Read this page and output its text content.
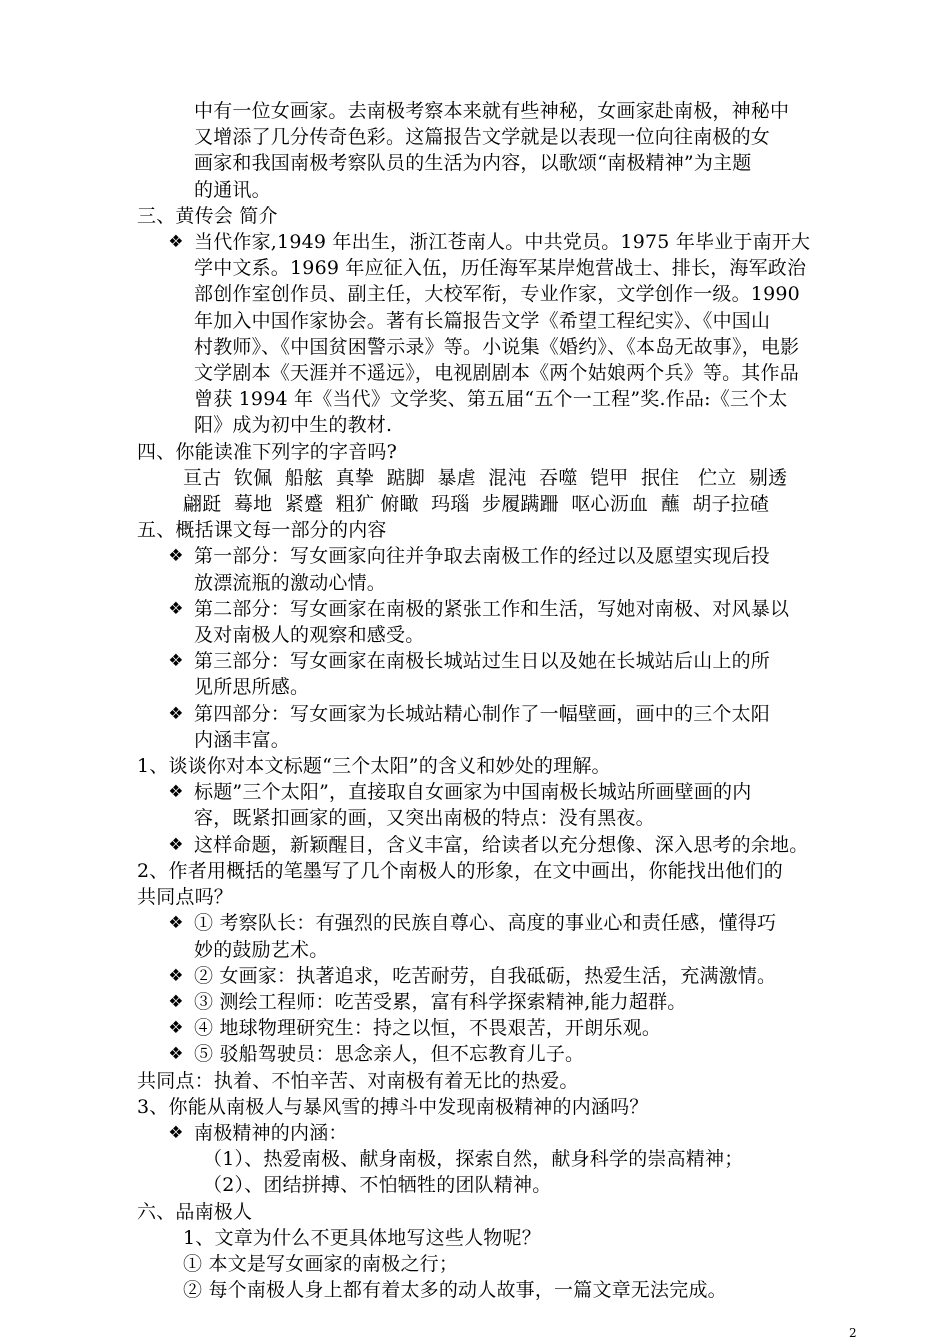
中有一位女画家。去南极考察本来就有些神秘，女画家赴南极，神秘中

又增添了几分传奇色彩。这篇报告文学就是以表现一位向往南极的女

画家和我国南极考察队员的生活为内容，以歌颂“南极精神”为主题

的通讯。

三、黄传会 简介

❖ 当代作家,1949 年出生，浙江苍南人。中共党员。1975 年毕业于南开大
学中文系。1969 年应征入伍，历任海军某岸炮营战士、排长，海军政治
部创作室创作员、副主任，大校军衔，专业作家，文学创作一级。1990
年加入中国作家协会。著有长篇报告文学《希望工程纪实》、《中国山
村教师》、《中国贫困警示录》等。小说集《婚约》、《本岛无故事》，电影
文学剧本《天涯并不遥远》，电视剧剧本《两个姑娘两个兵》等。其作品
曾获 1994 年《当代》文学奖、第五届“五个一工程”奖.作品:《三个太
阳》成为初中生的教材.

四、你能读准下列字的字音吗?

亘古  钦佩  船舷  真挚  踮脚  暴虐  混沌  吞噬  铠甲  抿住   伫立  剔透

翩跹  蓦地  紧蹙  粗犷 俯瞰  玛瑙  步履蹒跚  呕心沥血  蘸  胡子拉碴

五、概括课文每一部分的内容

❖ 第一部分：写女画家向往并争取去南极工作的经过以及愿望实现后投
放漂流瓶的激动心情。
❖ 第二部分：写女画家在南极的紧张工作和生活，写她对南极、对风暴以
及对南极人的观察和感受。
❖ 第三部分：写女画家在南极长城站过生日以及她在长城站后山上的所
见所思所感。
❖ 第四部分：写女画家为长城站精心制作了一幅壁画，画中的三个太阳
内涵丰富。

1、谈谈你对本文标题“三个太阳”的含义和妙处的理解。

❖ 标题”三个太阳”，直接取自女画家为中国南极长城站所画壁画的内
容，既紧扣画家的画，又突出南极的特点：没有黑夜。
❖ 这样命题，新颖醒目，含义丰富，给读者以充分想像、深入思考的余地。

2、作者用概括的笔墨写了几个南极人的形象，在文中画出，你能找出他们的

共同点吗？

❖ ① 考察队长：有强烈的民族自尊心、高度的事业心和责任感，懂得巧
妙的鼓励艺术。
❖ ② 女画家：执著追求，吃苦耐劳，自我砥砺，热爱生活，充满激情。
❖ ③ 测绘工程师：吃苦受累，富有科学探索精神,能力超群。
❖ ④ 地球物理研究生：持之以恒，不畏艰苦，开朗乐观。
❖ ⑤ 驳船驾驶员：思念亲人，但不忘教育儿子。

共同点：执着、不怕辛苦、对南极有着无比的热爱。

3、你能从南极人与暴风雪的搏斗中发现南极精神的内涵吗？

❖ 南极精神的内涵：

（1）、热爱南极、献身南极，探索自然，献身科学的崇高精神；

（2）、团结拼搏、不怕牺牲的团队精神。

六、品南极人

1、文章为什么不更具体地写这些人物呢？

① 本文是写女画家的南极之行；

② 每个南极人身上都有着太多的动人故事，一篇文章无法完成。

2
